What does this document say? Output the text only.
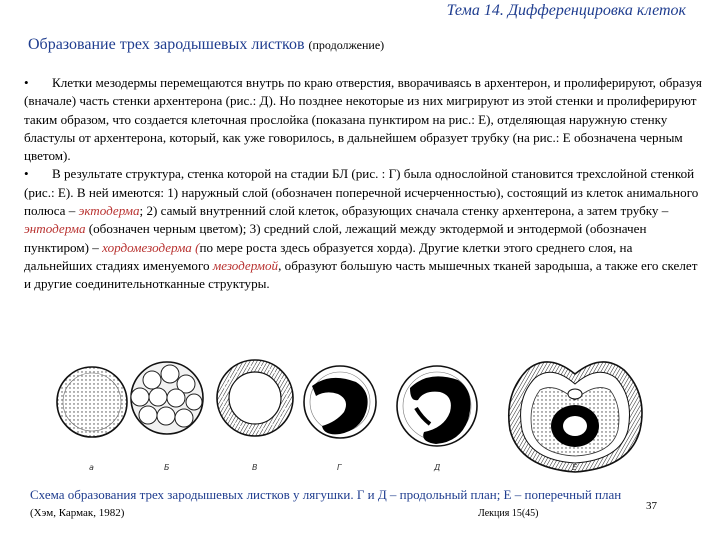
Тема 14. Дифференцировка клеток
Образование трех зародышевых листков (продолжение)

• Клетки мезодермы перемещаются внутрь по краю отверстия, вворачиваясь в архентерон, и пролиферируют, образуя (вначале) часть стенки архентерона (рис.: Д). Но позднее некоторые из них мигрируют из этой стенки и пролиферируют таким образом, что создается клеточная прослойка (показана пунктиром на рис.: Е), отделяющая наружную стенку бластулы от архентерона, который, как уже говорилось, в дальнейшем образует трубку (на рис.: Е обозначена черным цветом).

• В результате структура, стенка которой на стадии БЛ (рис. : Г) была однослойной становится трехслойной стенкой (рис.: Е). В ней имеются: 1) наружный слой (обозначен поперечной исчерченностью), состоящий из клеток анимального полюса – эктодерма; 2) самый внутренний слой клеток, образующих сначала стенку архентерона, а затем трубку – энтодерма (обозначен черным цветом); 3) средний слой, лежащий между эктодермой и энтодермой (обозначен пунктиром) – хордомезодерма (по мере роста здесь образуется хорда). Другие клетки этого среднего слоя, на дальнейших стадиях именуемого мезодермой, образуют большую часть мышечных тканей зародыша, а также его скелет и другие соединительнотканные структуры.

а	Б	В	Г	Д	Е
Схема образования трех зародышевых листков у лягушки. Г и Д – продольный план; Е – поперечный план (Хэм, Кармак, 1982)	Лекция 15(45)
37
